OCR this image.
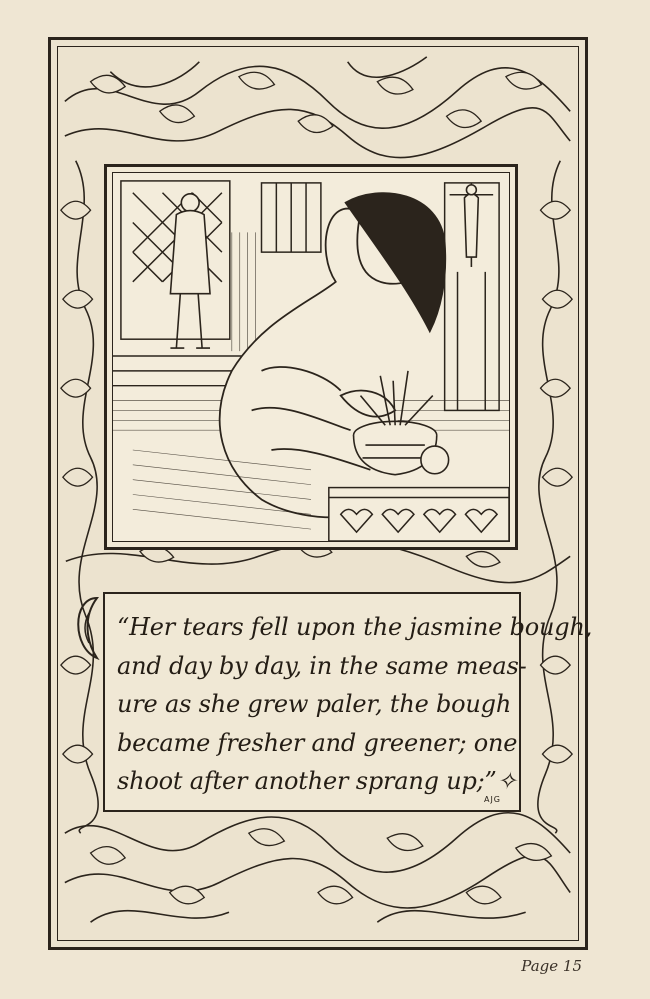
“Her tears fell upon the jasmine bough,
and day by day, in the same meas-
ure as she grew paler, the bough
became fresher and greener; one
shoot after another sprang up;”✧

AJG
Page 15
